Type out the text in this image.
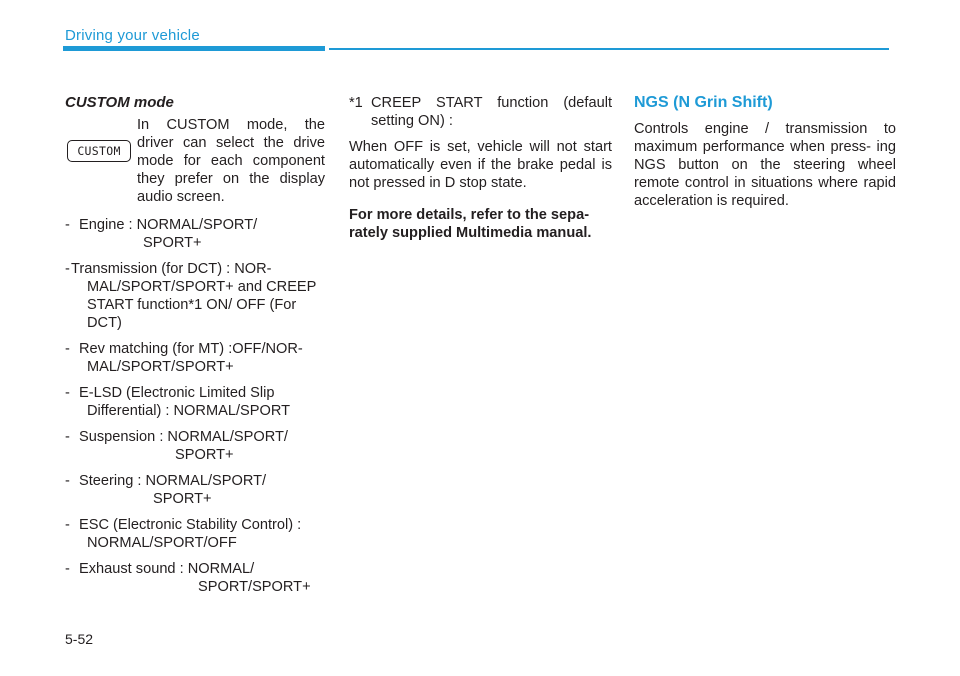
Driving your vehicle
CUSTOM mode
CUSTOM
In CUSTOM mode, the driver can select the drive mode for each component they prefer on the display audio screen.
- Engine : NORMAL/SPORT/
SPORT+
-Transmission (for DCT) : NOR-
MAL/SPORT/SPORT+ and CREEP START function*1 ON/ OFF (For DCT)
- Rev matching (for MT) :OFF/NOR-
MAL/SPORT/SPORT+
- E-LSD (Electronic Limited Slip
Differential) : NORMAL/SPORT
- Suspension : NORMAL/SPORT/
SPORT+
- Steering : NORMAL/SPORT/
SPORT+
- ESC (Electronic Stability Control) :
NORMAL/SPORT/OFF
- Exhaust sound : NORMAL/
SPORT/SPORT+
*1 CREEP START function (default setting ON) :
When OFF is set, vehicle will not start automatically even if the brake pedal is not pressed in D stop state.
For more details, refer to the sepa- rately supplied Multimedia manual.
NGS (N Grin Shift)
Controls engine / transmission to maximum performance when press- ing NGS button on the steering wheel remote control in situations where rapid acceleration is required.
5-52
